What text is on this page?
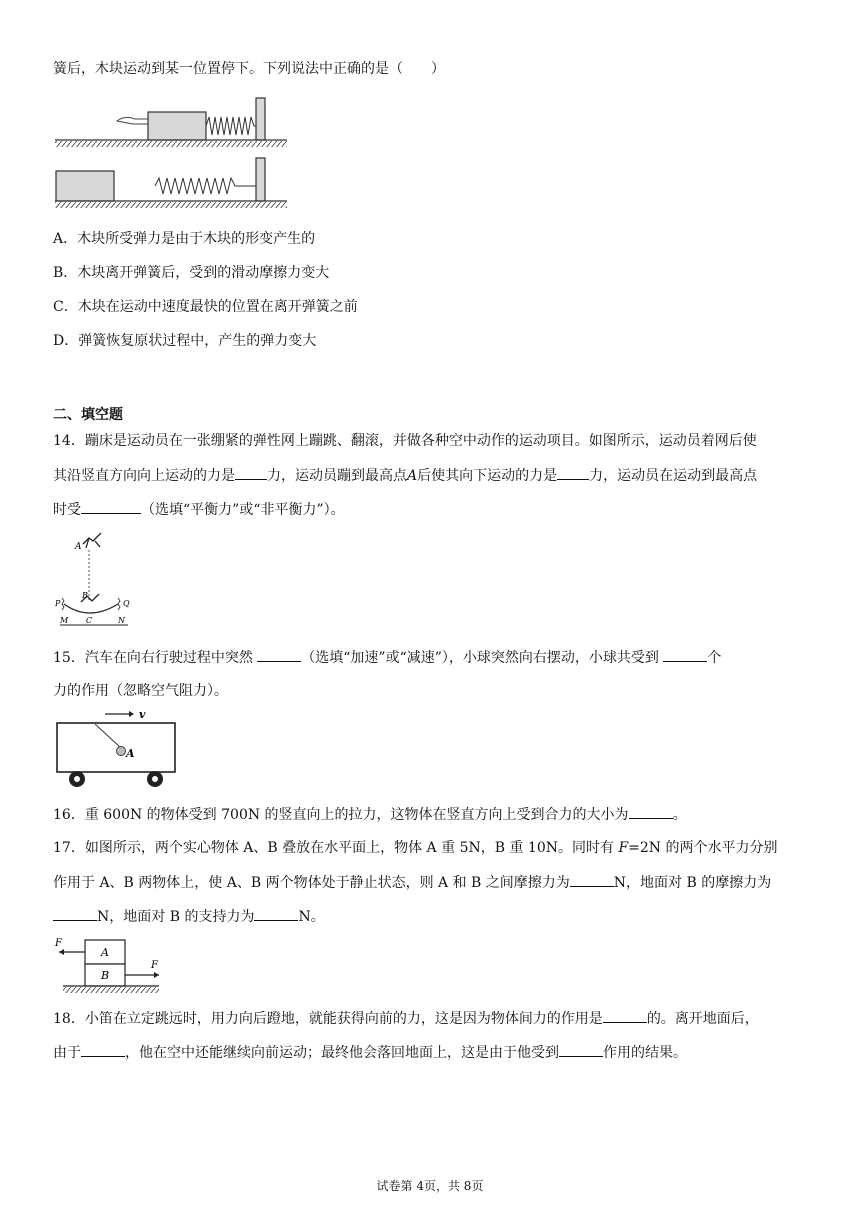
簧后，木块运动到某一位置停下。下列说法中正确的是（　　）
A．木块所受弹力是由于木块的形变产生的
B．木块离开弹簧后，受到的滑动摩擦力变大
C．木块在运动中速度最快的位置在离开弹簧之前
D．弹簧恢复原状过程中，产生的弹力变大
二、填空题
14．蹦床是运动员在一张绷紧的弹性网上蹦跳、翻滚，并做各种空中动作的运动项目。如图所示，运动员着网后使
其沿竖直方向向上运动的力是 力，运动员蹦到最高点A后使其向下运动的力是 力，运动员在运动到最高点
时受	（选填“平衡力”或“非平衡力”）。
A
B
P	Q
M C	N
15．汽车在向右行驶过程中突然	（选填“加速”或“减速”），小球突然向右摆动，小球共受到	个
力的作用（忽略空气阻力）。
v
A
16．重 600N 的物体受到 700N 的竖直向上的拉力，这物体在竖直方向上受到合力的大小为	。
17．如图所示，两个实心物体 A、B 叠放在水平面上，物体 A 重 5N，B 重 10N。同时有 F=2N 的两个水平力分别
作用于 A、B 两物体上，使 A、B 两个物体处于静止状态，则 A 和 B 之间摩擦力为	N，地面对 B 的摩擦力为
N，地面对 B 的支持力为	N。
F
A
B
F
18．小笛在立定跳远时，用力向后蹬地，就能获得向前的力，这是因为物体间力的作用是	的。离开地面后，
由于	，他在空中还能继续向前运动；最终他会落回地面上，这是由于他受到	作用的结果。
试卷第 4页，共 8页
